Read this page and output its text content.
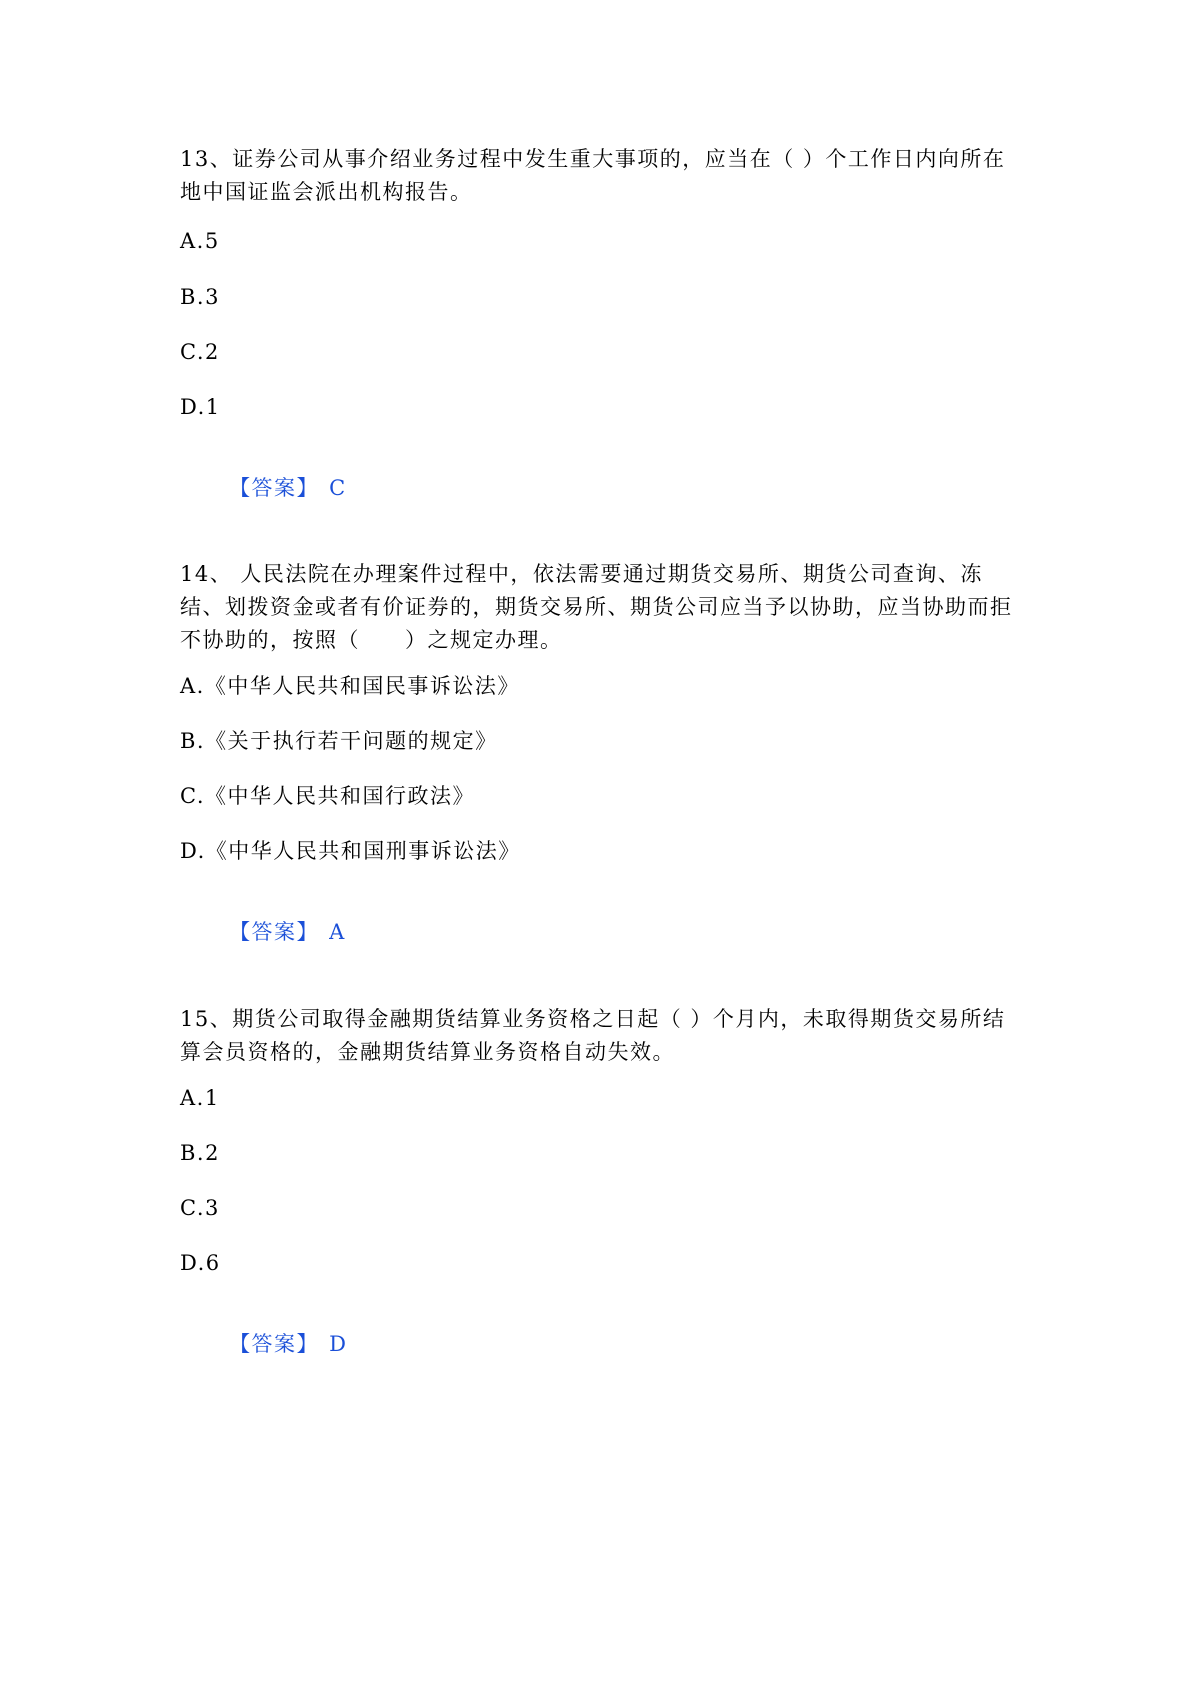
13、证券公司从事介绍业务过程中发生重大事项的，应当在（ ）个工作日内向所在地中国证监会派出机构报告。

A.5
B.3
C.2
D.1

【答案】 C

14、 人民法院在办理案件过程中，依法需要通过期货交易所、期货公司查询、冻结、划拨资金或者有价证券的，期货交易所、期货公司应当予以协助，应当协助而拒不协助的，按照（　　）之规定办理。

A.《中华人民共和国民事诉讼法》
B.《关于执行若干问题的规定》
C.《中华人民共和国行政法》
D.《中华人民共和国刑事诉讼法》

【答案】 A

15、期货公司取得金融期货结算业务资格之日起（ ）个月内，未取得期货交易所结算会员资格的，金融期货结算业务资格自动失效。

A.1
B.2
C.3
D.6

【答案】 D
